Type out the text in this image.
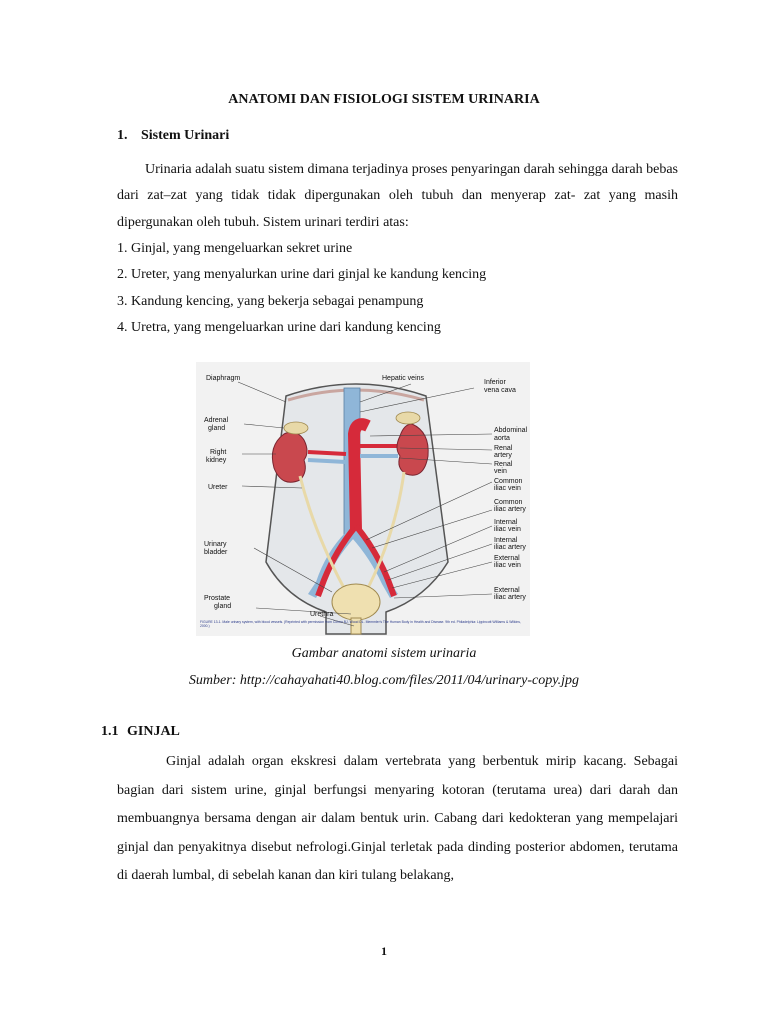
ANATOMI DAN FISIOLOGI SISTEM URINARIA
1. Sistem Urinari
Urinaria adalah suatu sistem dimana terjadinya proses penyaringan darah sehingga darah bebas dari zat–zat yang tidak tidak dipergunakan oleh tubuh dan menyerap zat- zat yang masih dipergunakan oleh tubuh. Sistem urinari terdiri atas:
1. Ginjal, yang mengeluarkan sekret urine
2. Ureter, yang menyalurkan urine dari ginjal ke kandung kencing
3. Kandung kencing, yang bekerja sebagai penampung
4. Uretra, yang mengeluarkan urine dari kandung kencing
Diaphragm	Hepatic veins
Inferior
vena cava
Adrenal
gland
Right
kidney
Ureter
Urinary
bladder
Prostate
gland
Urethra
Abdominal
aorta
Renal
artery
Renal
vein
Common
iliac vein
Common
iliac artery
Internal
iliac vein
Internal
iliac artery
External
iliac vein
External
iliac artery
FIGURE 13-1. Male urinary system, with blood vessels. (Reprinted with permission from Cohen BJ, Wood DL. Memmler's The Human Body in Health and Disease. 9th ed. Philadelphia: Lippincott Williams & Wilkins, 2000.)
Gambar anatomi sistem urinaria
Sumber: http://cahayahati40.blog.com/files/2011/04/urinary-copy.jpg
1.1 GINJAL
Ginjal adalah organ ekskresi dalam vertebrata yang berbentuk mirip kacang. Sebagai bagian dari sistem urine, ginjal berfungsi menyaring kotoran (terutama urea) dari darah dan membuangnya bersama dengan air dalam bentuk urin. Cabang dari kedokteran yang mempelajari ginjal dan penyakitnya disebut nefrologi.Ginjal terletak pada dinding posterior abdomen, terutama di daerah lumbal, di sebelah kanan dan kiri tulang belakang,
1
